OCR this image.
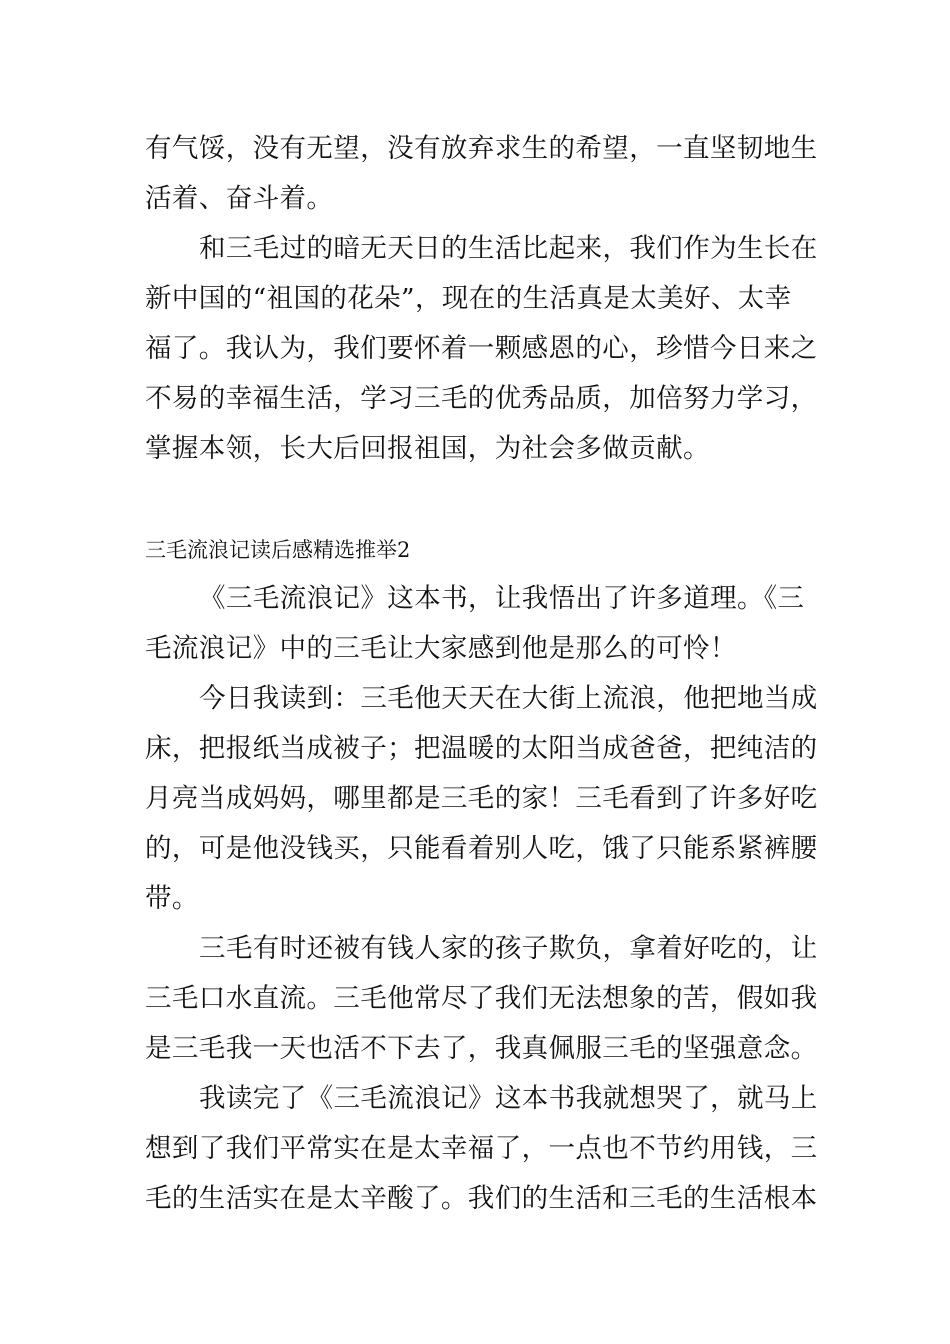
有气馁，没有无望，没有放弃求生的希望，一直坚韧地生
活着、奋斗着。
和三毛过的暗无天日的生活比起来，我们作为生长在
新中国的“祖国的花朵”，现在的生活真是太美好、太幸
福了。我认为，我们要怀着一颗感恩的心，珍惜今日来之
不易的幸福生活，学习三毛的优秀品质，加倍努力学习，
掌握本领，长大后回报祖国，为社会多做贡献。
三毛流浪记读后感精选推举2
《三毛流浪记》这本书，让我悟出了许多道理。《三
毛流浪记》中的三毛让大家感到他是那么的可怜！
今日我读到：三毛他天天在大街上流浪，他把地当成
床，把报纸当成被子；把温暖的太阳当成爸爸，把纯洁的
月亮当成妈妈，哪里都是三毛的家！三毛看到了许多好吃
的，可是他没钱买，只能看着别人吃，饿了只能系紧裤腰
带。
三毛有时还被有钱人家的孩子欺负，拿着好吃的，让
三毛口水直流。三毛他常尽了我们无法想象的苦，假如我
是三毛我一天也活不下去了，我真佩服三毛的坚强意念。
我读完了《三毛流浪记》这本书我就想哭了，就马上
想到了我们平常实在是太幸福了，一点也不节约用钱，三
毛的生活实在是太辛酸了。我们的生活和三毛的生活根本
